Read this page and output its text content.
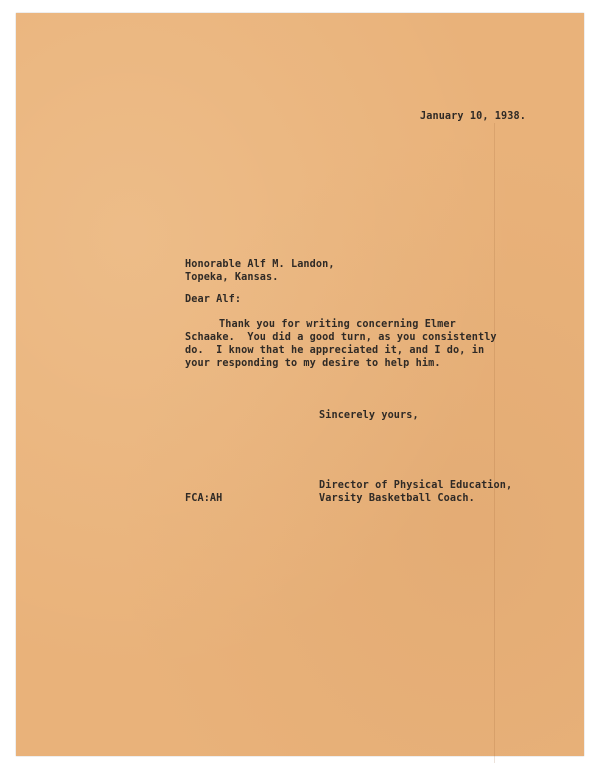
January 10, 1938.

Honorable Alf M. Landon,

Topeka, Kansas.

Dear Alf:

Thank you for writing concerning Elmer

Schaake.  You did a good turn, as you consistently

do.  I know that he appreciated it, and I do, in

your responding to my desire to help him.

Sincerely yours,

Director of Physical Education,

Varsity Basketball Coach.

FCA:AH
